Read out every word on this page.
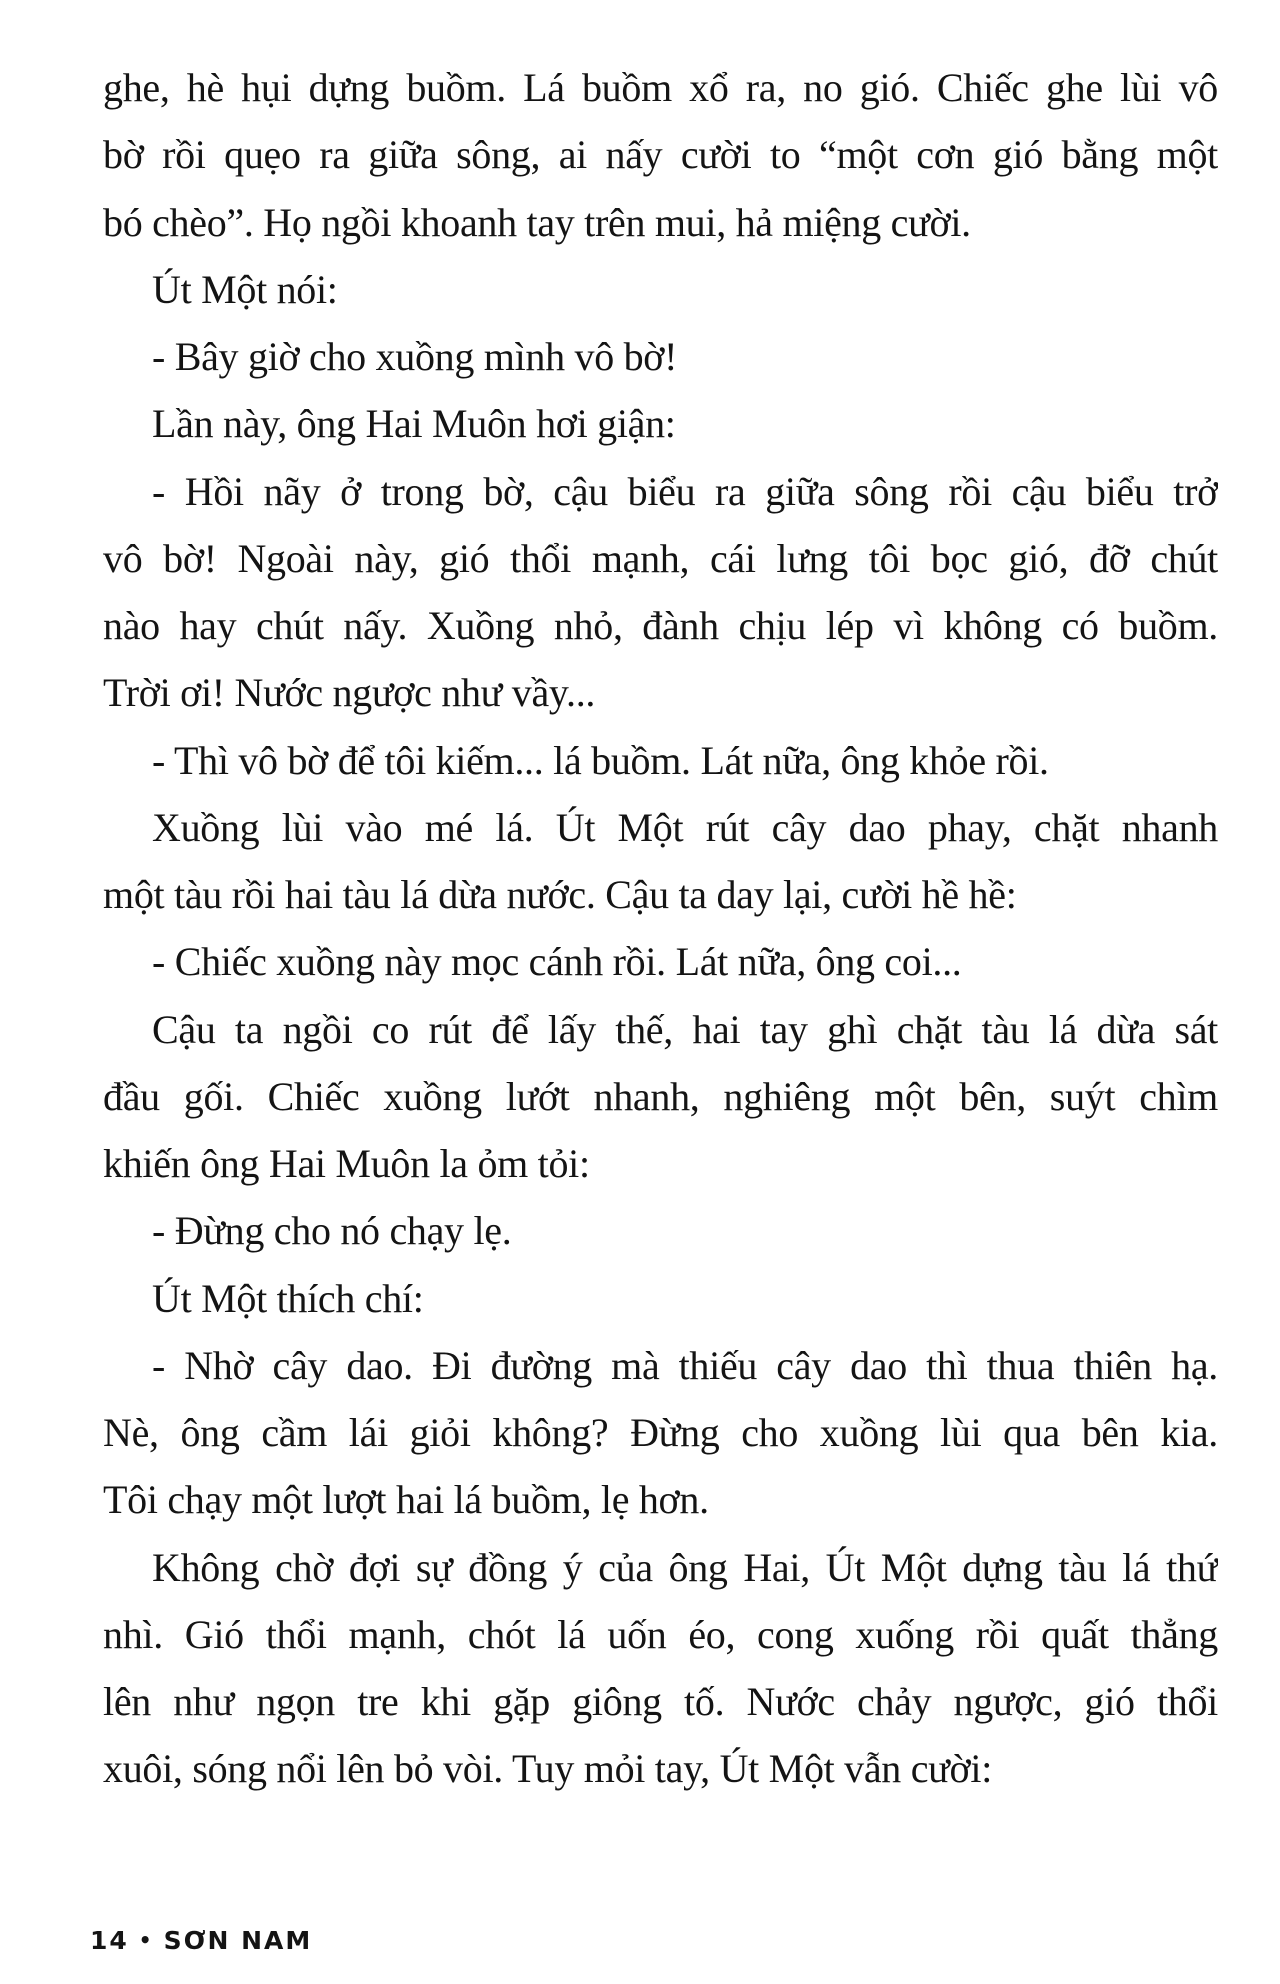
ghe, hè hụi dựng buồm. Lá buồm xổ ra, no gió. Chiếc ghe lùi vô
bờ rồi quẹo ra giữa sông, ai nấy cười to “một cơn gió bằng một
bó chèo”. Họ ngồi khoanh tay trên mui, hả miệng cười.
Út Một nói:
- Bây giờ cho xuồng mình vô bờ!
Lần này, ông Hai Muôn hơi giận:
- Hồi nãy ở trong bờ, cậu biểu ra giữa sông rồi cậu biểu trở
vô bờ! Ngoài này, gió thổi mạnh, cái lưng tôi bọc gió, đỡ chút
nào hay chút nấy. Xuồng nhỏ, đành chịu lép vì không có buồm.
Trời ơi! Nước ngược như vầy...
- Thì vô bờ để tôi kiếm... lá buồm. Lát nữa, ông khỏe rồi.
Xuồng lùi vào mé lá. Út Một rút cây dao phay, chặt nhanh
một tàu rồi hai tàu lá dừa nước. Cậu ta day lại, cười hề hề:
- Chiếc xuồng này mọc cánh rồi. Lát nữa, ông coi...
Cậu ta ngồi co rút để lấy thế, hai tay ghì chặt tàu lá dừa sát
đầu gối. Chiếc xuồng lướt nhanh, nghiêng một bên, suýt chìm
khiến ông Hai Muôn la ỏm tỏi:
- Đừng cho nó chạy lẹ.
Út Một thích chí:
- Nhờ cây dao. Đi đường mà thiếu cây dao thì thua thiên hạ.
Nè, ông cầm lái giỏi không? Đừng cho xuồng lùi qua bên kia.
Tôi chạy một lượt hai lá buồm, lẹ hơn.
Không chờ đợi sự đồng ý của ông Hai, Út Một dựng tàu lá thứ
nhì. Gió thổi mạnh, chót lá uốn éo, cong xuống rồi quất thẳng
lên như ngọn tre khi gặp giông tố. Nước chảy ngược, gió thổi
xuôi, sóng nổi lên bỏ vòi. Tuy mỏi tay, Út Một vẫn cười:
14 • SƠN NAM
